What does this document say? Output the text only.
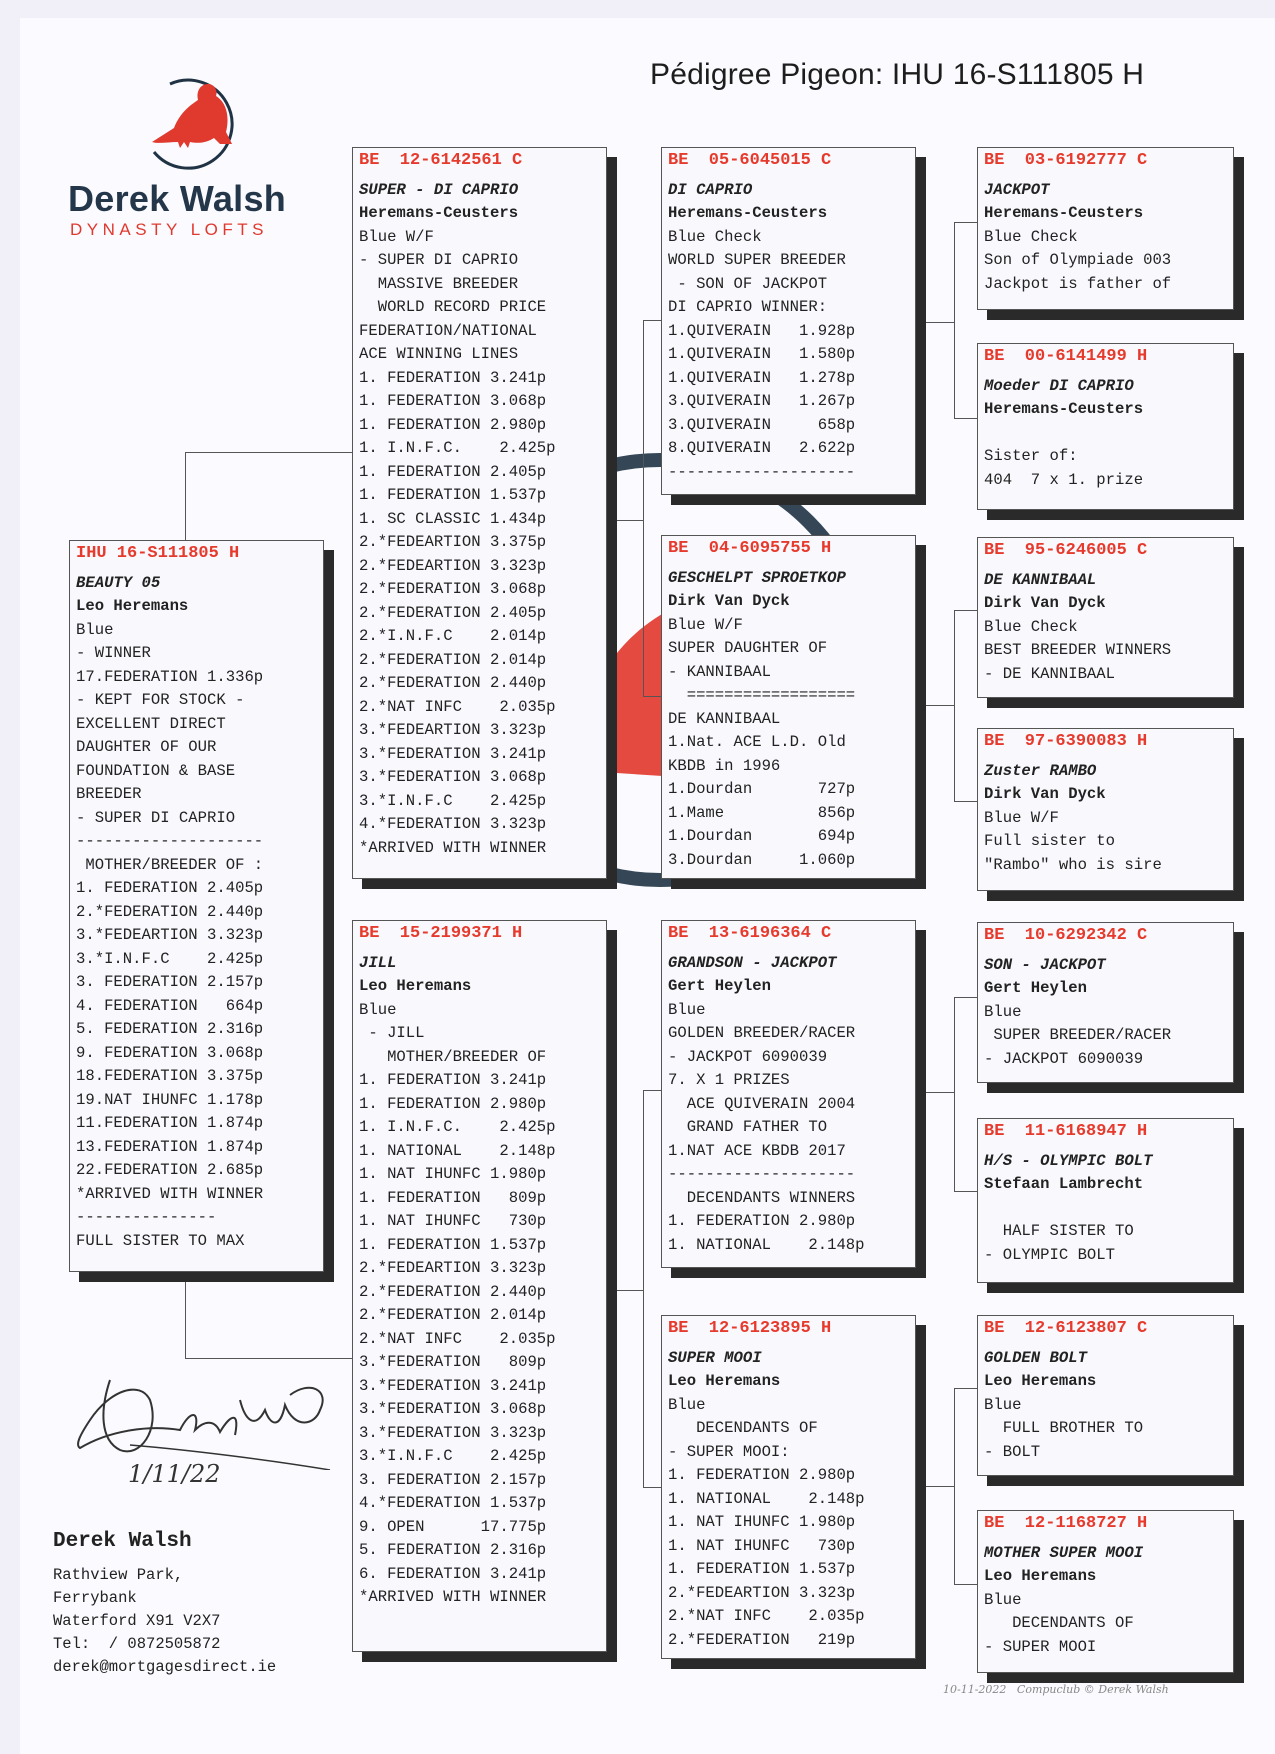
Pédigree Pigeon: IHU 16-S111805 H
Derek Walsh
DYNASTY LOFTS
IHU 16-S111805 H
BEAUTY 05
Leo Heremans
Blue
- WINNER
17.FEDERATION 1.336p
- KEPT FOR STOCK -
EXCELLENT DIRECT
DAUGHTER OF OUR
FOUNDATION & BASE
BREEDER
- SUPER DI CAPRIO
--------------------
MOTHER/BREEDER OF :
1. FEDERATION 2.405p
2.*FEDERATION 2.440p
3.*FEDEARTION 3.323p
3.*I.N.F.C    2.425p
3. FEDERATION 2.157p
4. FEDERATION   664p
5. FEDERATION 2.316p
9. FEDERATION 3.068p
18.FEDERATION 3.375p
19.NAT IHUNFC 1.178p
11.FEDERATION 1.874p
13.FEDERATION 1.874p
22.FEDERATION 2.685p
*ARRIVED WITH WINNER
---------------
FULL SISTER TO MAX
BE  12-6142561 C
SUPER - DI CAPRIO
Heremans-Ceusters
Blue W/F
- SUPER DI CAPRIO
MASSIVE BREEDER
WORLD RECORD PRICE
FEDERATION/NATIONAL
ACE WINNING LINES
1. FEDERATION 3.241p
1. FEDERATION 3.068p
1. FEDERATION 2.980p
1. I.N.F.C.    2.425p
1. FEDERATION 2.405p
1. FEDERATION 1.537p
1. SC CLASSIC 1.434p
2.*FEDEARTION 3.375p
2.*FEDEARTION 3.323p
2.*FEDERATION 3.068p
2.*FEDERATION 2.405p
2.*I.N.F.C    2.014p
2.*FEDERATION 2.014p
2.*FEDERATION 2.440p
2.*NAT INFC    2.035p
3.*FEDEARTION 3.323p
3.*FEDERATION 3.241p
3.*FEDERATION 3.068p
3.*I.N.F.C    2.425p
4.*FEDERATION 3.323p
*ARRIVED WITH WINNER
BE  15-2199371 H
JILL
Leo Heremans
Blue
- JILL
MOTHER/BREEDER OF
1. FEDERATION 3.241p
1. FEDERATION 2.980p
1. I.N.F.C.    2.425p
1. NATIONAL    2.148p
1. NAT IHUNFC 1.980p
1. FEDERATION   809p
1. NAT IHUNFC   730p
1. FEDERATION 1.537p
2.*FEDEARTION 3.323p
2.*FEDERATION 2.440p
2.*FEDERATION 2.014p
2.*NAT INFC    2.035p
3.*FEDERATION   809p
3.*FEDERATION 3.241p
3.*FEDERATION 3.068p
3.*FEDERATION 3.323p
3.*I.N.F.C    2.425p
3. FEDERATION 2.157p
4.*FEDERATION 1.537p
9. OPEN      17.775p
5. FEDERATION 2.316p
6. FEDERATION 3.241p
*ARRIVED WITH WINNER
BE  05-6045015 C
DI CAPRIO
Heremans-Ceusters
Blue Check
WORLD SUPER BREEDER
- SON OF JACKPOT
DI CAPRIO WINNER:
1.QUIVERAIN   1.928p
1.QUIVERAIN   1.580p
1.QUIVERAIN   1.278p
3.QUIVERAIN   1.267p
3.QUIVERAIN     658p
8.QUIVERAIN   2.622p
--------------------
BE  04-6095755 H
GESCHELPT SPROETKOP
Dirk Van Dyck
Blue W/F
SUPER DAUGHTER OF
- KANNIBAAL
==================
DE KANNIBAAL
1.Nat. ACE L.D. Old
KBDB in 1996
1.Dourdan       727p
1.Mame          856p
1.Dourdan       694p
3.Dourdan     1.060p
BE  13-6196364 C
GRANDSON - JACKPOT
Gert Heylen
Blue
GOLDEN BREEDER/RACER
- JACKPOT 6090039
7. X 1 PRIZES
ACE QUIVERAIN 2004
GRAND FATHER TO
1.NAT ACE KBDB 2017
--------------------
DECENDANTS WINNERS
1. FEDERATION 2.980p
1. NATIONAL    2.148p
BE  12-6123895 H
SUPER MOOI
Leo Heremans
Blue
DECENDANTS OF
- SUPER MOOI:
1. FEDERATION 2.980p
1. NATIONAL    2.148p
1. NAT IHUNFC 1.980p
1. NAT IHUNFC   730p
1. FEDERATION 1.537p
2.*FEDEARTION 3.323p
2.*NAT INFC    2.035p
2.*FEDERATION   219p
BE  03-6192777 C
JACKPOT
Heremans-Ceusters
Blue Check
Son of Olympiade 003
Jackpot is father of
BE  00-6141499 H
Moeder DI CAPRIO
Heremans-Ceusters
Sister of:
404  7 x 1. prize
BE  95-6246005 C
DE KANNIBAAL
Dirk Van Dyck
Blue Check
BEST BREEDER WINNERS
- DE KANNIBAAL
BE  97-6390083 H
Zuster RAMBO
Dirk Van Dyck
Blue W/F
Full sister to
"Rambo" who is sire
BE  10-6292342 C
SON - JACKPOT
Gert Heylen
Blue
SUPER BREEDER/RACER
- JACKPOT 6090039
BE  11-6168947 H
H/S - OLYMPIC BOLT
Stefaan Lambrecht
HALF SISTER TO
- OLYMPIC BOLT
BE  12-6123807 C
GOLDEN BOLT
Leo Heremans
Blue
FULL BROTHER TO
- BOLT
BE  12-1168727 H
MOTHER SUPER MOOI
Leo Heremans
Blue
DECENDANTS OF
- SUPER MOOI
1/11/22
Derek Walsh
Rathview Park,
Ferrybank
Waterford X91 V2X7
Tel:  / 0872505872
derek@mortgagesdirect.ie
10-11-2022   Compuclub © Derek Walsh
